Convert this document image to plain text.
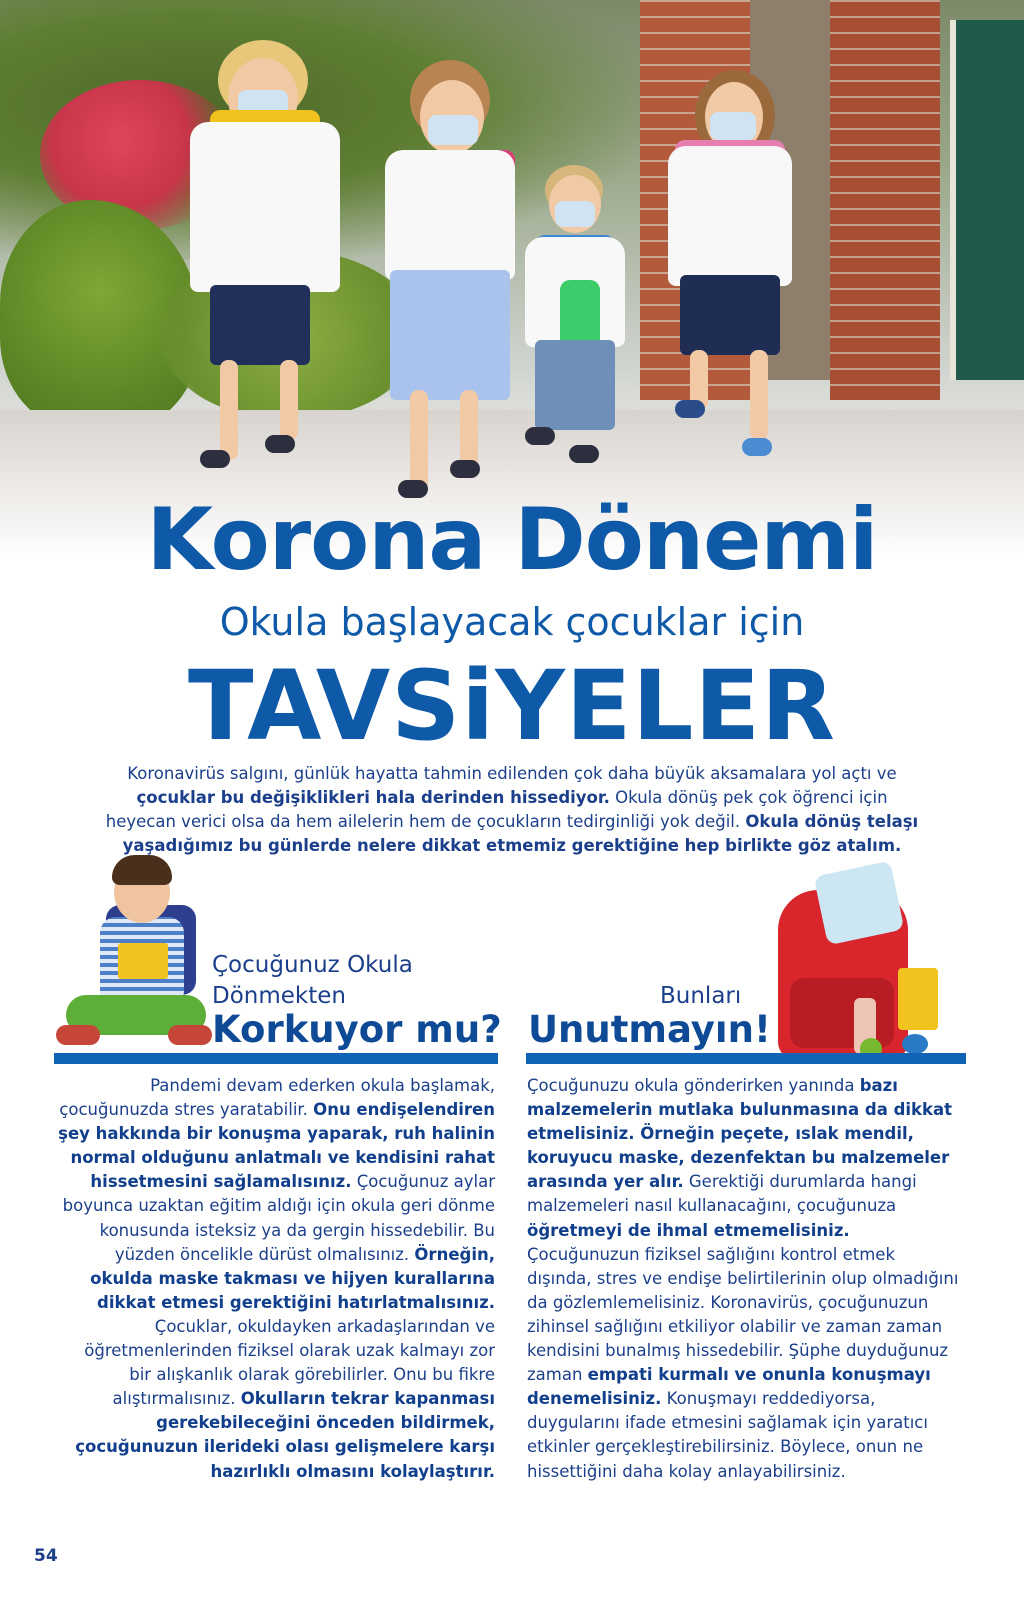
Korona Dönemi
Okula başlayacak çocuklar için
TAVSiYELER

Koronavirüs salgını, günlük hayatta tahmin edilenden çok daha büyük aksamalara yol açtı ve
çocuklar bu değişiklikleri hala derinden hissediyor. Okula dönüş pek çok öğrenci için heyecan verici olsa da hem ailelerin hem de çocukların tedirginliği yok değil. Okula dönüş telaşı yaşadığımız bu günlerde nelere dikkat etmemiz gerektiğine hep birlikte göz atalım.

Çocuğunuz Okula
Dönmekten
Korkuyor mu?
Bunları
Unutmayın!

Pandemi devam ederken okula başlamak, çocuğunuzda stres yaratabilir. Onu endişelendiren şey hakkında bir konuşma yaparak, ruh halinin normal olduğunu anlatmalı ve kendisini rahat hissetmesini sağlamalısınız. Çocuğunuz aylar boyunca uzaktan eğitim aldığı için okula geri dönme konusunda isteksiz ya da gergin hissedebilir. Bu yüzden öncelikle dürüst olmalısınız. Örneğin, okulda maske takması ve hijyen kurallarına dikkat etmesi gerektiğini hatırlatmalısınız. Çocuklar, okuldayken arkadaşlarından ve öğretmenlerinden fiziksel olarak uzak kalmayı zor bir alışkanlık olarak görebilirler. Onu bu fikre alıştırmalısınız. Okulların tekrar kapanması gerekebileceğini önceden bildirmek, çocuğunuzun ilerideki olası gelişmelere karşı hazırlıklı olmasını kolaylaştırır.

Çocuğunuzu okula gönderirken yanında bazı malzemelerin mutlaka bulunmasına da dikkat etmelisiniz. Örneğin peçete, ıslak mendil, koruyucu maske, dezenfektan bu malzemeler arasında yer alır. Gerektiği durumlarda hangi malzemeleri nasıl kullanacağını, çocuğunuza öğretmeyi de ihmal etmemelisiniz. Çocuğunuzun fiziksel sağlığını kontrol etmek dışında, stres ve endişe belirtilerinin olup olmadığını da gözlemlemelisiniz. Koronavirüs, çocuğunuzun zihinsel sağlığını etkiliyor olabilir ve zaman zaman kendisini bunalmış hissedebilir. Şüphe duyduğunuz zaman empati kurmalı ve onunla konuşmayı denemelisiniz. Konuşmayı reddediyorsa, duygularını ifade etmesini sağlamak için yaratıcı etkinler gerçekleştirebilirsiniz. Böylece, onun ne hissettiğini daha kolay anlayabilirsiniz.

54
